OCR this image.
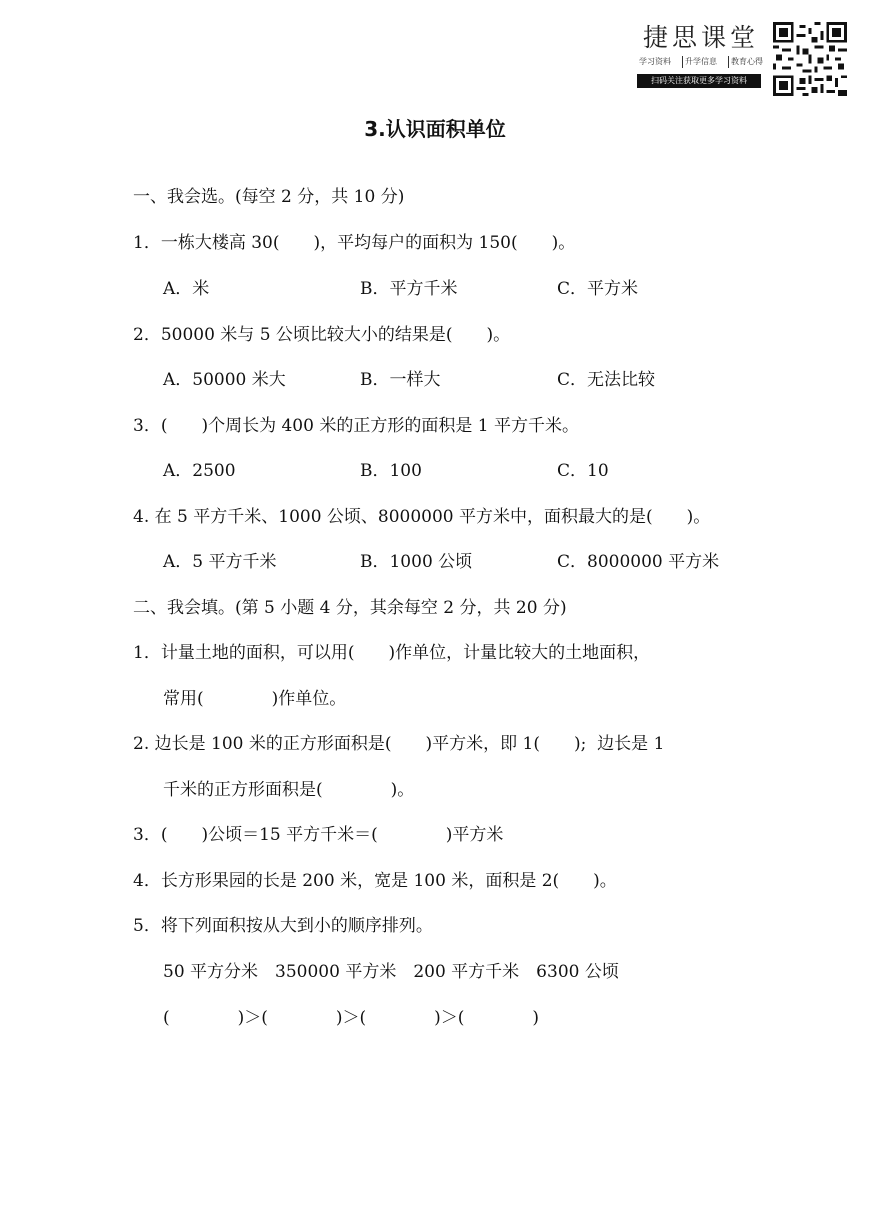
捷思课堂
学习资料	升学信息	教育心得
扫码关注获取更多学习资料
3.认识面积单位
一、我会选。(每空 2 分，共 10 分)
1．一栋大楼高 30(　　)，平均每户的面积为 150(　　)。
A．米	B．平方千米	C．平方米
2．50000 米与 5 公顷比较大小的结果是(　　)。
A．50000 米大	B．一样大	C．无法比较
3．(　　)个周长为 400 米的正方形的面积是 1 平方千米。
A．2500	B．100	C．10
4. 在 5 平方千米、1000 公顷、8000000 平方米中，面积最大的是(　　)。
A．5 平方千米	B．1000 公顷	C．8000000 平方米
二、我会填。(第 5 小题 4 分，其余每空 2 分，共 20 分)
1．计量土地的面积，可以用(　　)作单位，计量比较大的土地面积，
常用(　　　　)作单位。
2. 边长是 100 米的正方形面积是(　　)平方米，即 1(　　);  边长是 1
千米的正方形面积是(　　　　)。
3．(　　)公顷＝15 平方千米＝(　　　　)平方米
4．长方形果园的长是 200 米，宽是 100 米，面积是 2(　　)。
5．将下列面积按从大到小的顺序排列。
50 平方分米　350000 平方米　200 平方千米　6300 公顷
(　　　　)＞(　　　　)＞(　　　　)＞(　　　　)
